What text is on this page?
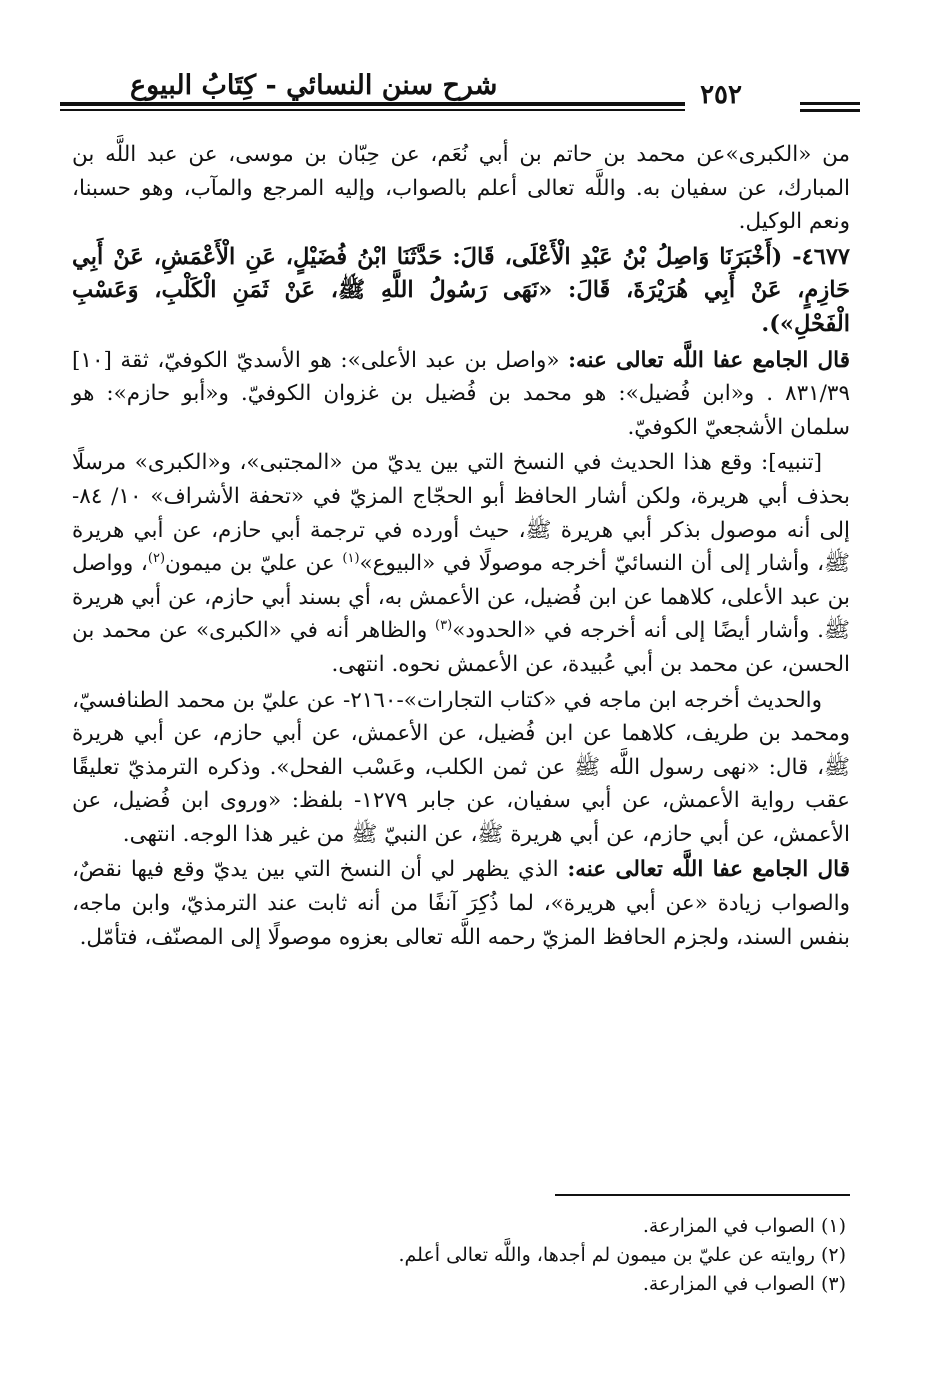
شرح سنن النسائي - كِتَابُ البيوع	٢٥٢

من «الكبرى»عن محمد بن حاتم بن أبي نُعَم، عن حِبّان بن موسى، عن عبد اللَّه بن المبارك، عن سفيان به. واللَّه تعالى أعلم بالصواب، وإليه المرجع والمآب، وهو حسبنا، ونعم الوكيل.

٤٦٧٧- (أَخْبَرَنَا وَاصِلُ بْنُ عَبْدِ الْأَعْلَى، قَالَ: حَدَّثَنَا ابْنُ فُضَيْلٍ، عَنِ الْأَعْمَشِ، عَنْ أَبِي حَازِمٍ، عَنْ أَبِي هُرَيْرَةَ، قَالَ: «نَهَى رَسُولُ اللَّهِ ﷺ، عَنْ ثَمَنِ الْكَلْبِ، وَعَسْبِ الْفَحْلِ»).

قال الجامع عفا اللَّه تعالى عنه: «واصل بن عبد الأعلى»: هو الأسديّ الكوفيّ، ثقة [١٠] ٨٣١/٣٩ . و«ابن فُضيل»: هو محمد بن فُضيل بن غزوان الكوفيّ. و«أبو حازم»: هو سلمان الأشجعيّ الكوفيّ.

[تنبيه]: وقع هذا الحديث في النسخ التي بين يديّ من «المجتبى»، و«الكبرى» مرسلًا بحذف أبي هريرة، ولكن أشار الحافظ أبو الحجّاج المزيّ في «تحفة الأشراف» ١٠/ ٨٤- إلى أنه موصول بذكر أبي هريرة ﷺ، حيث أورده في ترجمة أبي حازم، عن أبي هريرة ﷺ، وأشار إلى أن النسائيّ أخرجه موصولًا في «البيوع»$^{(١)}$ عن عليّ بن ميمون$^{(٢)}$، وواصل بن عبد الأعلى، كلاهما عن ابن فُضيل، عن الأعمش به، أي بسند أبي حازم، عن أبي هريرة ﷺ. وأشار أيضًا إلى أنه أخرجه في «الحدود»$^{(٣)}$ والظاهر أنه في «الكبرى» عن محمد بن الحسن، عن محمد بن أبي عُبيدة، عن الأعمش نحوه. انتهى.

والحديث أخرجه ابن ماجه في «كتاب التجارات»-٢١٦٠- عن عليّ بن محمد الطنافسيّ، ومحمد بن طريف، كلاهما عن ابن فُضيل، عن الأعمش، عن أبي حازم، عن أبي هريرة ﷺ، قال: «نهى رسول اللَّه ﷺ عن ثمن الكلب، وعَسْب الفحل». وذكره الترمذيّ تعليقًا عقب رواية الأعمش، عن أبي سفيان، عن جابر ١٢٧٩- بلفظ: «وروى ابن فُضيل، عن الأعمش، عن أبي حازم، عن أبي هريرة ﷺ، عن النبيّ ﷺ من غير هذا الوجه. انتهى.

قال الجامع عفا اللَّه تعالى عنه: الذي يظهر لي أن النسخ التي بين يديّ وقع فيها نقصٌ، والصواب زيادة «عن أبي هريرة»، لما ذُكِرَ آنفًا من أنه ثابت عند الترمذيّ، وابن ماجه، بنفس السند، ولجزم الحافظ المزيّ رحمه اللَّه تعالى بعزوه موصولًا إلى المصنّف، فتأمّل.

(١) الصواب في المزارعة.

(٢) روايته عن عليّ بن ميمون لم أجدها، واللَّه تعالى أعلم.

(٣) الصواب في المزارعة.
